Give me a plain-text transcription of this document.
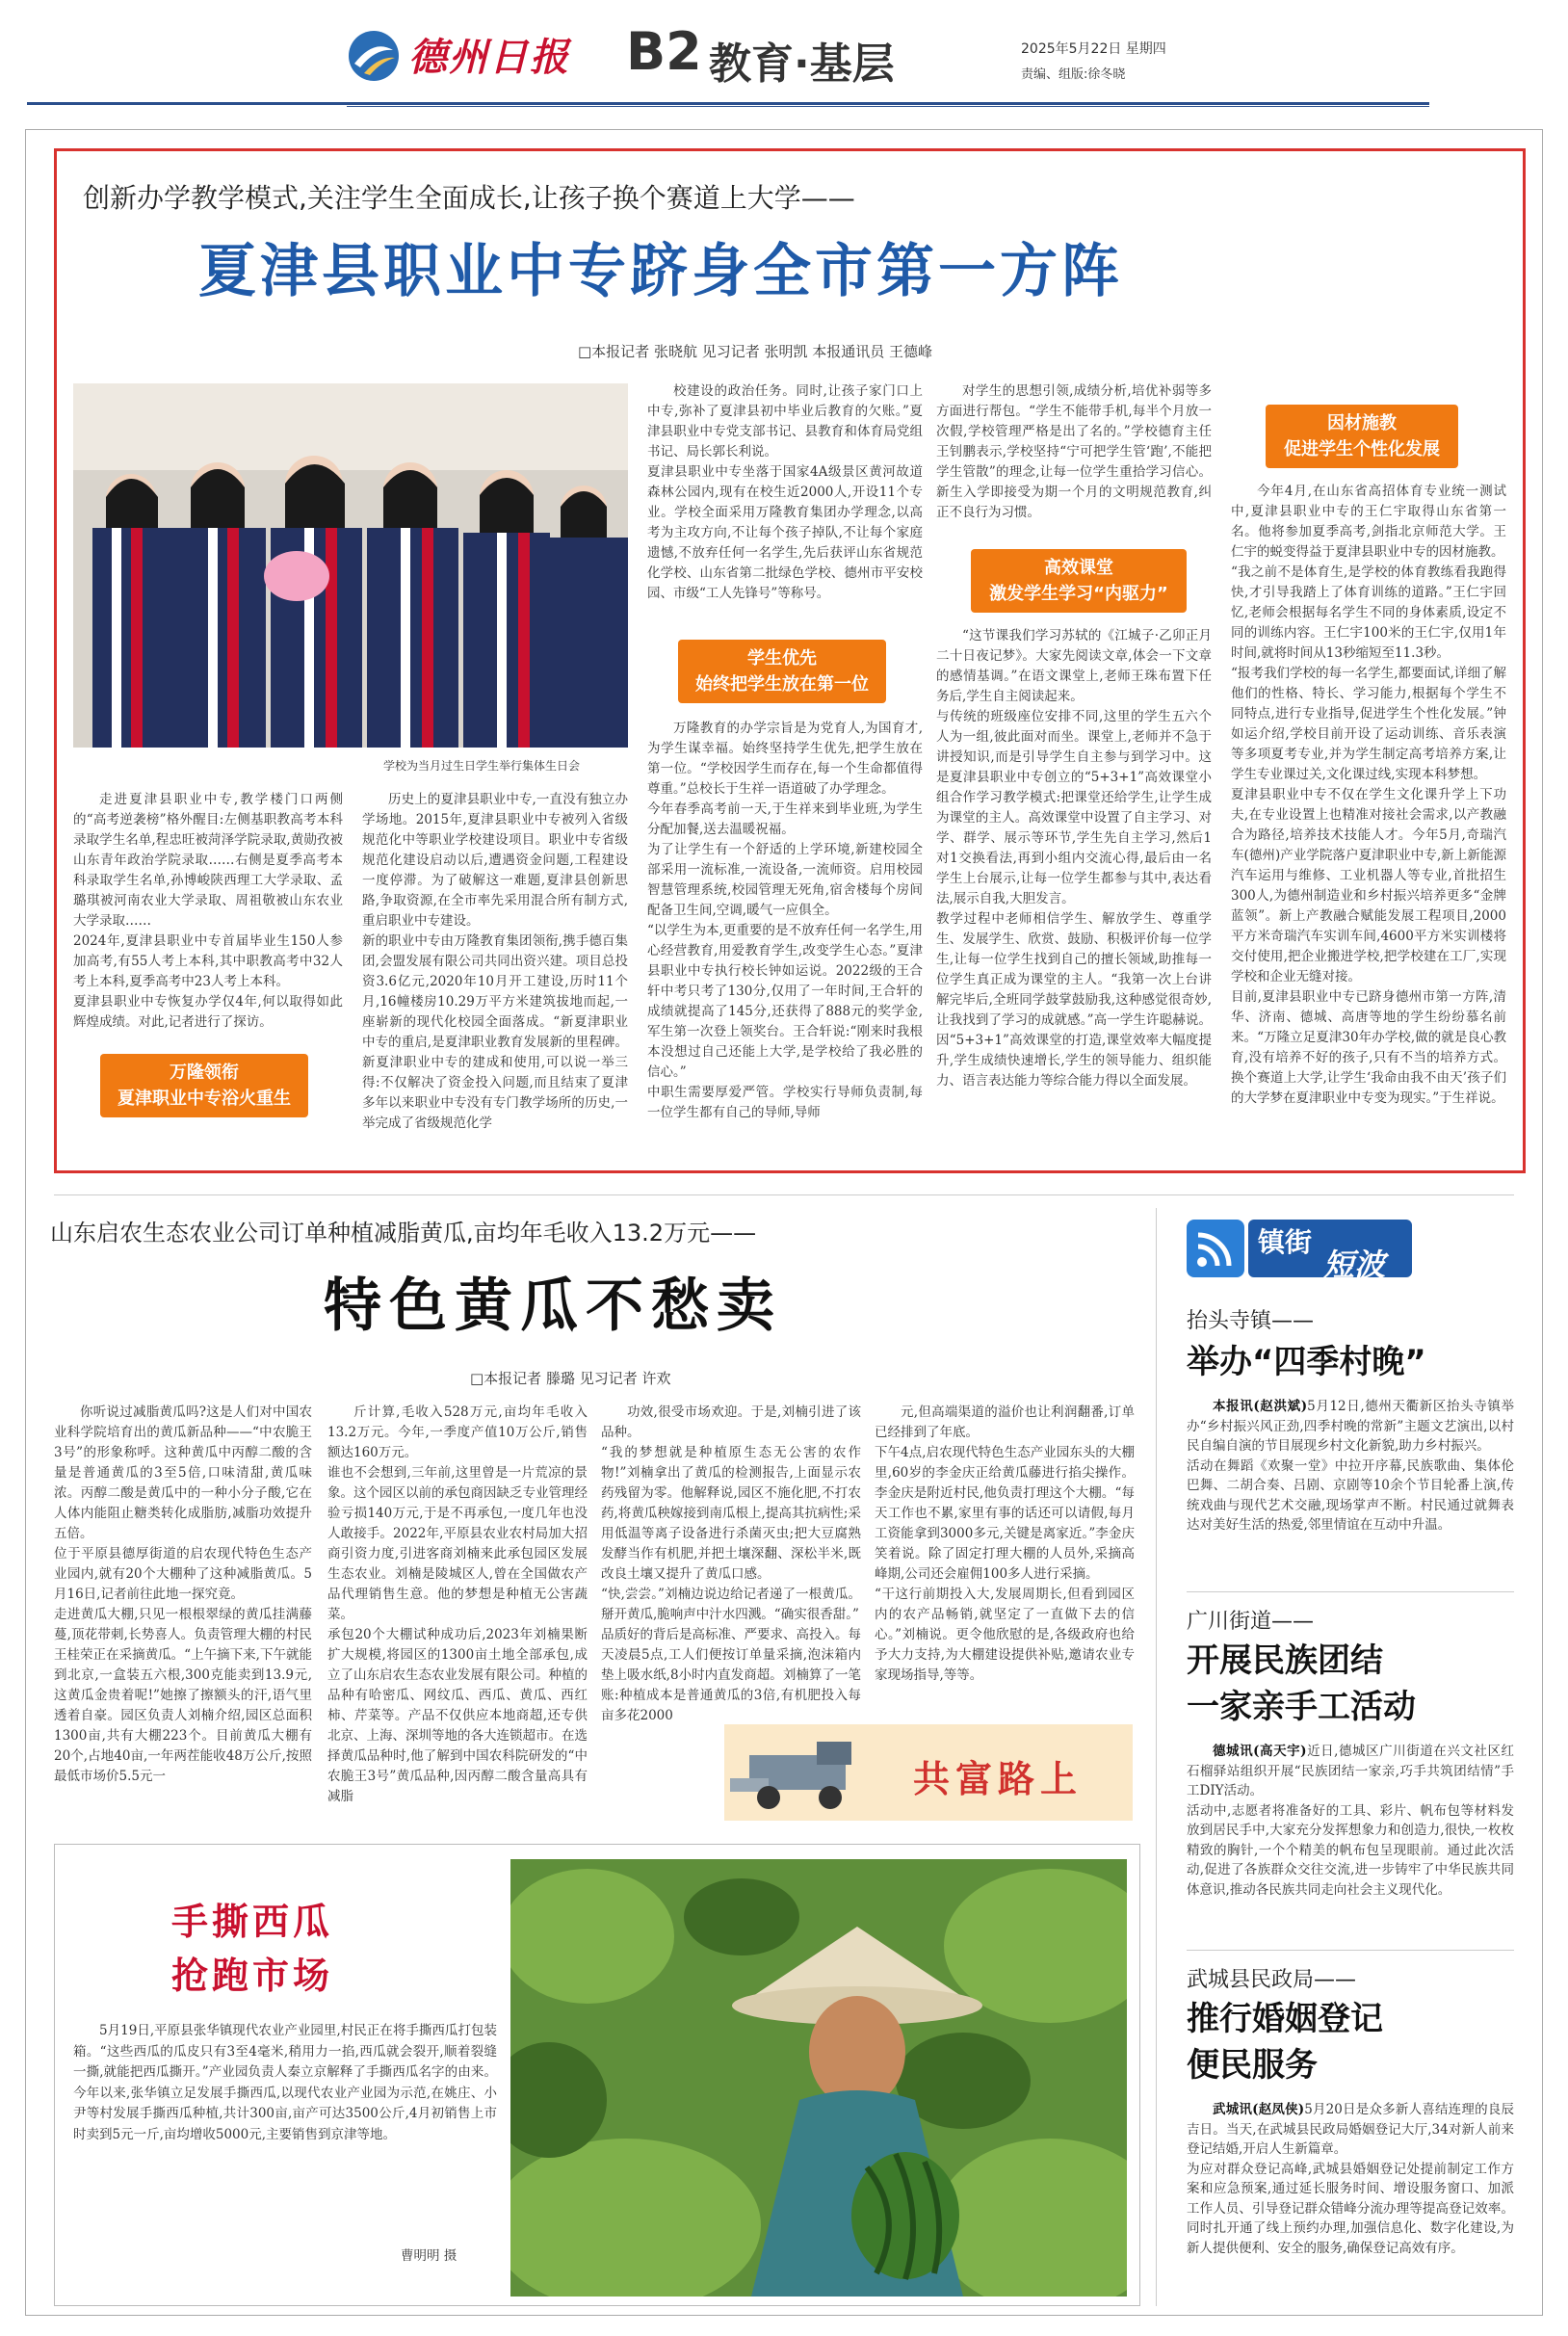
德州日报 B2 教育·基层	2025年5月22日 星期四
责编、组版:徐冬晓
创新办学教学模式,关注学生全面成长,让孩子换个赛道上大学——
夏津县职业中专跻身全市第一方阵
□本报记者 张晓航 见习记者 张明凯 本报通讯员 王德峰
学校为当月过生日学生举行集体生日会

走进夏津县职业中专,教学楼门口两侧的“高考逆袭榜”格外醒目:左侧基职教高考本科录取学生名单,程忠旺被菏泽学院录取,黄勋孜被山东青年政治学院录取……右侧是夏季高考本科录取学生名单,孙博峻陕西理工大学录取、孟璐琪被河南农业大学录取、周祖敬被山东农业大学录取……
2024年,夏津县职业中专首届毕业生150人参加高考,有55人考上本科,其中职教高考中32人考上本科,夏季高考中23人考上本科。
夏津县职业中专恢复办学仅4年,何以取得如此辉煌成绩。对此,记者进行了探访。

万隆领衔
夏津职业中专浴火重生

历史上的夏津县职业中专,一直没有独立办学场地。2015年,夏津县职业中专被列入省级规范化中等职业学校建设项目。职业中专省级规范化建设启动以后,遭遇资金问题,工程建设一度停滞。为了破解这一难题,夏津县创新思路,争取资源,在全市率先采用混合所有制方式,重启职业中专建设。
新的职业中专由万隆教育集团领衔,携手德百集团,会盟发展有限公司共同出资兴建。项目总投资3.6亿元,2020年10月开工建设,历时11个月,16幢楼房10.29万平方米建筑拔地而起,一座崭新的现代化校园全面落成。“新夏津职业中专的重启,是夏津职业教育发展新的里程碑。新夏津职业中专的建成和使用,可以说一举三得:不仅解决了资金投入问题,而且结束了夏津多年以来职业中专没有专门教学场所的历史,一举完成了省级规范化学

校建设的政治任务。同时,让孩子家门口上中专,弥补了夏津县初中毕业后教育的欠账。”夏津县职业中专党支部书记、县教育和体育局党组书记、局长郭长利说。
夏津县职业中专坐落于国家4A级景区黄河故道森林公园内,现有在校生近2000人,开设11个专业。学校全面采用万隆教育集团办学理念,以高考为主攻方向,不让每个孩子掉队,不让每个家庭遗憾,不放弃任何一名学生,先后获评山东省规范化学校、山东省第二批绿色学校、德州市平安校园、市级“工人先锋号”等称号。

学生优先
始终把学生放在第一位

万隆教育的办学宗旨是为党育人,为国育才,为学生谋幸福。始终坚持学生优先,把学生放在第一位。“学校因学生而存在,每一个生命都值得尊重。”总校长于生祥一语道破了办学理念。
今年春季高考前一天,于生祥来到毕业班,为学生分配加餐,送去温暖祝福。
为了让学生有一个舒适的上学环境,新建校园全部采用一流标准,一流设备,一流师资。启用校园智慧管理系统,校园管理无死角,宿舍楼每个房间配备卫生间,空调,暖气一应俱全。
“以学生为本,更重要的是不放弃任何一名学生,用心经营教育,用爱教育学生,改变学生心态。”夏津县职业中专执行校长钟如运说。2022级的王合轩中考只考了130分,仅用了一年时间,王合轩的成绩就提高了145分,还获得了888元的奖学金,军生第一次登上领奖台。王合轩说:“刚来时我根本没想过自己还能上大学,是学校给了我必胜的信心。”
中职生需要厚爱严管。学校实行导师负责制,每一位学生都有自己的导师,导师

对学生的思想引领,成绩分析,培优补弱等多方面进行帮包。“学生不能带手机,每半个月放一次假,学校管理严格是出了名的。”学校德育主任王钊鹏表示,学校坚持“宁可把学生管‘跑’,不能把学生管散”的理念,让每一位学生重拾学习信心。新生入学即接受为期一个月的文明规范教育,纠正不良行为习惯。

高效课堂
激发学生学习“内驱力”

“这节课我们学习苏轼的《江城子·乙卯正月二十日夜记梦》。大家先阅读文章,体会一下文章的感情基调。”在语文课堂上,老师王珠布置下任务后,学生自主阅读起来。
与传统的班级座位安排不同,这里的学生五六个人为一组,彼此面对而坐。课堂上,老师并不急于讲授知识,而是引导学生自主参与到学习中。这是夏津县职业中专创立的“5+3+1”高效课堂小组合作学习教学模式:把课堂还给学生,让学生成为课堂的主人。高效课堂中设置了自主学习、对学、群学、展示等环节,学生先自主学习,然后1对1交换看法,再到小组内交流心得,最后由一名学生上台展示,让每一位学生都参与其中,表达看法,展示自我,大胆发言。
教学过程中老师相信学生、解放学生、尊重学生、发展学生、欣赏、鼓励、积极评价每一位学生,让每一位学生找到自己的擅长领域,助推每一位学生真正成为课堂的主人。“我第一次上台讲解完毕后,全班同学鼓掌鼓励我,这种感觉很奇妙,让我找到了学习的成就感。”高一学生许聪赫说。因“5+3+1”高效课堂的打造,课堂效率大幅度提升,学生成绩快速增长,学生的领导能力、组织能力、语言表达能力等综合能力得以全面发展。

因材施教
促进学生个性化发展

今年4月,在山东省高招体育专业统一测试中,夏津县职业中专的王仁宇取得山东省第一名。他将参加夏季高考,剑指北京师范大学。王仁宇的蜕变得益于夏津县职业中专的因材施教。
“我之前不是体育生,是学校的体育教练看我跑得快,才引导我踏上了体育训练的道路。”王仁宇回忆,老师会根据每名学生不同的身体素质,设定不同的训练内容。王仁宇100米的王仁宇,仅用1年时间,就将时间从13秒缩短至11.3秒。
“报考我们学校的每一名学生,都要面试,详细了解他们的性格、特长、学习能力,根据每个学生不同特点,进行专业指导,促进学生个性化发展。”钟如运介绍,学校目前开设了运动训练、音乐表演等多项夏考专业,并为学生制定高考培养方案,让学生专业课过关,文化课过线,实现本科梦想。
夏津县职业中专不仅在学生文化课升学上下功夫,在专业设置上也精准对接社会需求,以产教融合为路径,培养技术技能人才。今年5月,奇瑞汽车(德州)产业学院落户夏津职业中专,新上新能源汽车运用与维修、工业机器人等专业,首批招生300人,为德州制造业和乡村振兴培养更多“金牌蓝领”。新上产教融合赋能发展工程项目,2000平方米奇瑞汽车实训车间,4600平方米实训楼将交付使用,把企业搬进学校,把学校建在工厂,实现学校和企业无缝对接。
目前,夏津县职业中专已跻身德州市第一方阵,清华、济南、德城、高唐等地的学生纷纷慕名前来。“万隆立足夏津30年办学校,做的就是良心教育,没有培养不好的孩子,只有不当的培养方式。换个赛道上大学,让学生‘我命由我不由天’孩子们的大学梦在夏津职业中专变为现实。”于生祥说。

山东启农生态农业公司订单种植减脂黄瓜,亩均年毛收入13.2万元——
特色黄瓜不愁卖
□本报记者 滕璐 见习记者 许欢

你听说过减脂黄瓜吗?这是人们对中国农业科学院培育出的黄瓜新品种——“中农脆王3号”的形象称呼。这种黄瓜中丙醇二酸的含量是普通黄瓜的3至5倍,口味清甜,黄瓜味浓。丙醇二酸是黄瓜中的一种小分子酸,它在人体内能阻止糖类转化成脂肪,减脂功效提升五倍。
位于平原县德厚街道的启农现代特色生态产业园内,就有20个大棚种了这种减脂黄瓜。5月16日,记者前往此地一探究竟。
走进黄瓜大棚,只见一根根翠绿的黄瓜挂满藤蔓,顶花带刺,长势喜人。负责管理大棚的村民王桂荣正在采摘黄瓜。“上午摘下来,下午就能到北京,一盒装五六根,300克能卖到13.9元,这黄瓜金贵着呢!”她擦了擦额头的汗,语气里透着自豪。园区负责人刘楠介绍,园区总面积1300亩,共有大棚223个。目前黄瓜大棚有20个,占地40亩,一年两茬能收48万公斤,按照最低市场价5.5元一

斤计算,毛收入528万元,亩均年毛收入13.2万元。今年,一季度产值10万公斤,销售额达160万元。
谁也不会想到,三年前,这里曾是一片荒凉的景象。这个园区以前的承包商因缺乏专业管理经验亏损140万元,于是不再承包,一度几年也没人敢接手。2022年,平原县农业农村局加大招商引资力度,引进客商刘楠来此承包园区发展生态农业。刘楠是陵城区人,曾在全国做农产品代理销售生意。他的梦想是种植无公害蔬菜。
承包20个大棚试种成功后,2023年刘楠果断扩大规模,将园区的1300亩土地全部承包,成立了山东启农生态农业发展有限公司。种植的品种有哈密瓜、网纹瓜、西瓜、黄瓜、西红柿、芹菜等。产品不仅供应本地商超,还专供北京、上海、深圳等地的各大连锁超市。在选择黄瓜品种时,他了解到中国农科院研发的“中农脆王3号”黄瓜品种,因丙醇二酸含量高具有减脂

功效,很受市场欢迎。于是,刘楠引进了该品种。
“我的梦想就是种植原生态无公害的农作物!”刘楠拿出了黄瓜的检测报告,上面显示农药残留为零。他解释说,园区不施化肥,不打农药,将黄瓜秧嫁接到南瓜根上,提高其抗病性;采用低温等离子设备进行杀菌灭虫;把大豆腐熟发酵当作有机肥,并把土壤深翻、深松半米,既改良土壤又提升了黄瓜口感。
“快,尝尝。”刘楠边说边给记者递了一根黄瓜。掰开黄瓜,脆响声中汁水四溅。“确实很香甜。”
品质好的背后是高标准、严要求、高投入。每天凌晨5点,工人们便按订单量采摘,泡沫箱内垫上吸水纸,8小时内直发商超。刘楠算了一笔账:种植成本是普通黄瓜的3倍,有机肥投入每亩多花2000

元,但高端渠道的溢价也让利润翻番,订单已经排到了年底。
下午4点,启农现代特色生态产业园东头的大棚里,60岁的李金庆正给黄瓜藤进行掐尖操作。李金庆是附近村民,他负责打理这个大棚。“每天工作也不累,家里有事的话还可以请假,每月工资能拿到3000多元,关键是离家近。”李金庆笑着说。除了固定打理大棚的人员外,采摘高峰期,公司还会雇佣100多人进行采摘。
“干这行前期投入大,发展周期长,但看到园区内的农产品畅销,就坚定了一直做下去的信心。”刘楠说。更令他欣慰的是,各级政府也给予大力支持,为大棚建设提供补贴,邀请农业专家现场指导,等等。

共富路上
手撕西瓜
抢跑市场

5月19日,平原县张华镇现代农业产业园里,村民正在将手撕西瓜打包装箱。“这些西瓜的瓜皮只有3至4毫米,稍用力一掐,西瓜就会裂开,顺着裂缝一撕,就能把西瓜撕开。”产业园负责人秦立京解释了手撕西瓜名字的由来。今年以来,张华镇立足发展手撕西瓜,以现代农业产业园为示范,在姚庄、小尹等村发展手撕西瓜种植,共计300亩,亩产可达3500公斤,4月初销售上市时卖到5元一斤,亩均增收5000元,主要销售到京津等地。

曹明明 摄
镇街
短波
抬头寺镇——
举办“四季村晚”
本报讯(赵洪斌)5月12日,德州天衢新区抬头寺镇举办“乡村振兴风正劲,四季村晚的常新”主题文艺演出,以村民自编自演的节目展现乡村文化新貌,助力乡村振兴。
活动在舞蹈《欢聚一堂》中拉开序幕,民族歌曲、集体伦巴舞、二胡合奏、吕剧、京剧等10余个节目轮番上演,传统戏曲与现代艺术交融,现场掌声不断。村民通过就舞表达对美好生活的热爱,邻里情谊在互动中升温。
广川街道——
开展民族团结
一家亲手工活动
德城讯(高天宇)近日,德城区广川街道在兴文社区红石榴驿站组织开展“民族团结一家亲,巧手共筑团结情”手工DIY活动。
活动中,志愿者将准备好的工具、彩片、帆布包等材料发放到居民手中,大家充分发挥想象力和创造力,很快,一枚枚精致的胸针,一个个精美的帆布包呈现眼前。通过此次活动,促进了各族群众交往交流,进一步铸牢了中华民族共同体意识,推动各民族共同走向社会主义现代化。
武城县民政局——
推行婚姻登记
便民服务
武城讯(赵凤侠)5月20日是众多新人喜结连理的良辰吉日。当天,在武城县民政局婚姻登记大厅,34对新人前来登记结婚,开启人生新篇章。
为应对群众登记高峰,武城县婚姻登记处提前制定工作方案和应急预案,通过延长服务时间、增设服务窗口、加派工作人员、引导登记群众错峰分流办理等提高登记效率。同时扎开通了线上预约办理,加强信息化、数字化建设,为新人提供便利、安全的服务,确保登记高效有序。
